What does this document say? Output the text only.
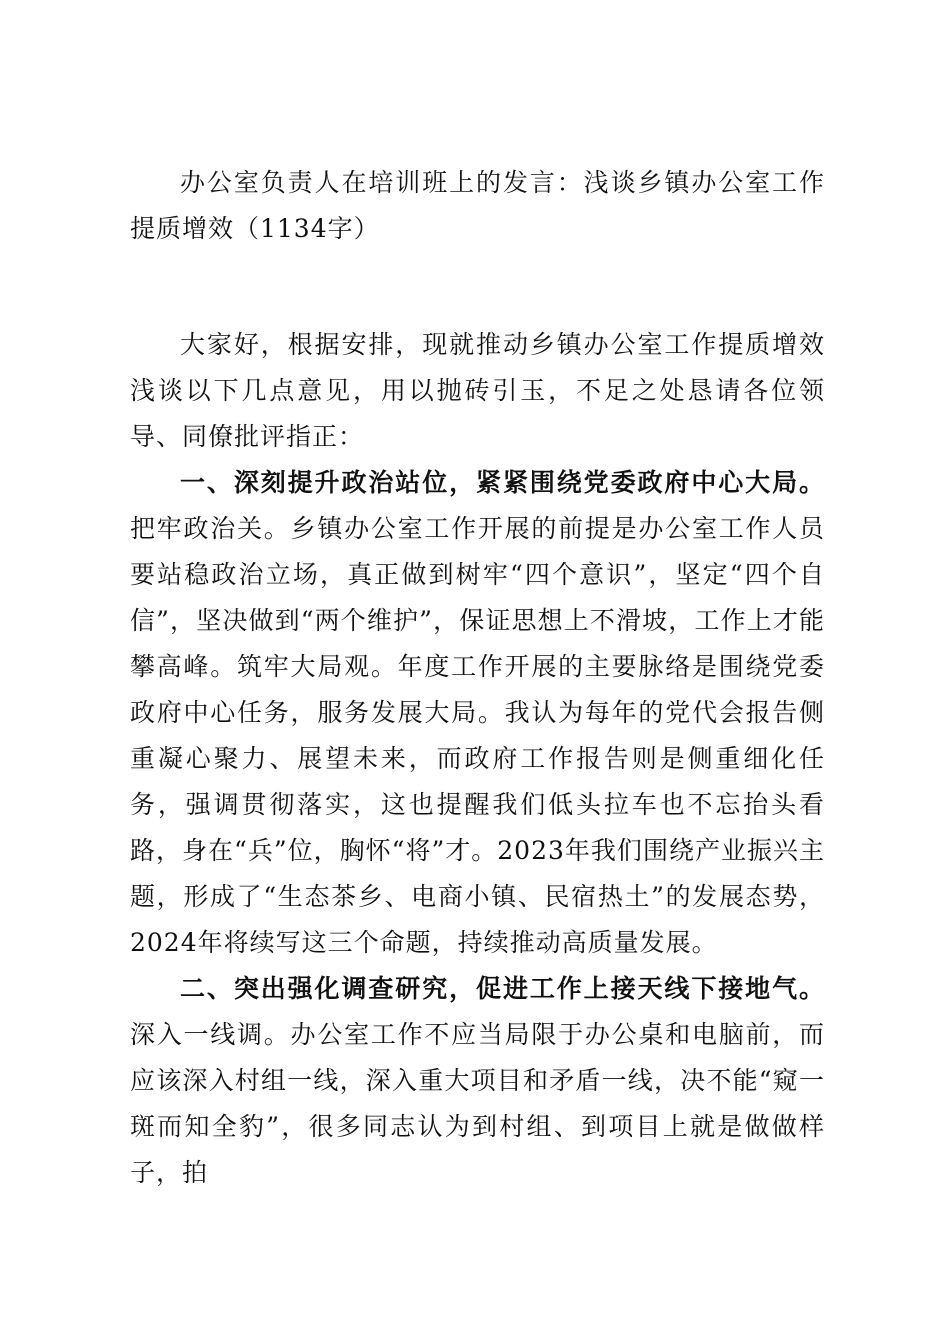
办公室负责人在培训班上的发言：浅谈乡镇办公室工作提质增效（1134字）

大家好，根据安排，现就推动乡镇办公室工作提质增效浅谈以下几点意见，用以抛砖引玉，不足之处恳请各位领导、同僚批评指正：

一、深刻提升政治站位，紧紧围绕党委政府中心大局。把牢政治关。乡镇办公室工作开展的前提是办公室工作人员要站稳政治立场，真正做到树牢“四个意识”，坚定“四个自信”，坚决做到“两个维护”，保证思想上不滑坡，工作上才能攀高峰。筑牢大局观。年度工作开展的主要脉络是围绕党委政府中心任务，服务发展大局。我认为每年的党代会报告侧重凝心聚力、展望未来，而政府工作报告则是侧重细化任务，强调贯彻落实，这也提醒我们低头拉车也不忘抬头看路，身在“兵”位，胸怀“将”才。2023年我们围绕产业振兴主题，形成了“生态茶乡、电商小镇、民宿热土”的发展态势，2024年将续写这三个命题，持续推动高质量发展。

二、突出强化调查研究，促进工作上接天线下接地气。深入一线调。办公室工作不应当局限于办公桌和电脑前，而应该深入村组一线，深入重大项目和矛盾一线，决不能“窥一斑而知全豹”，很多同志认为到村组、到项目上就是做做样子，拍
